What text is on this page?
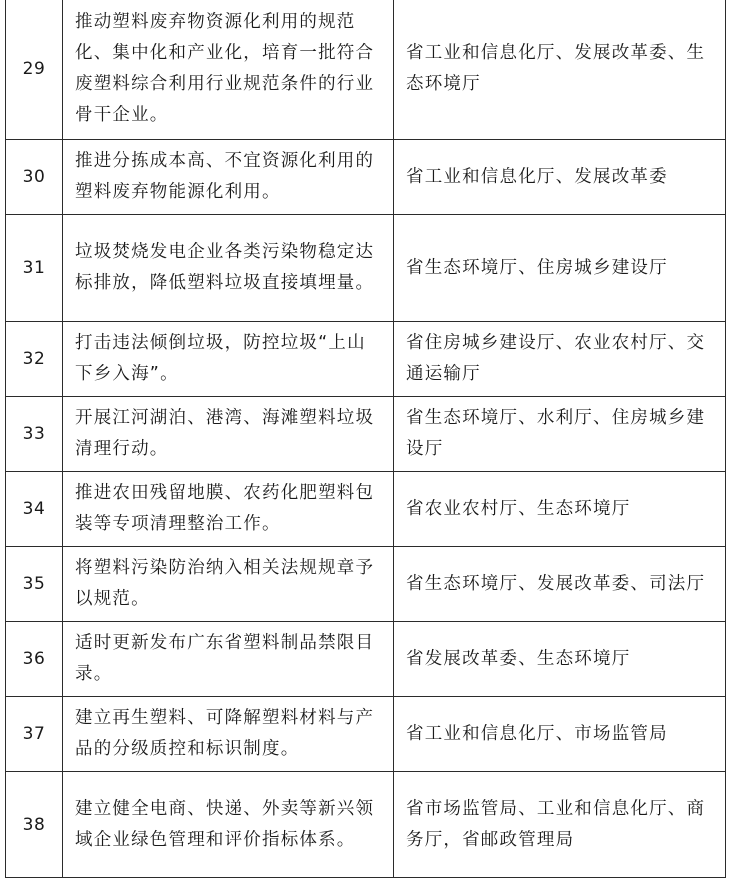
29	推动塑料废弃物资源化利用的规范化、集中化和产业化，培育一批符合废塑料综合利用行业规范条件的行业骨干企业。	省工业和信息化厅、发展改革委、生态环境厅

30	推进分拣成本高、不宜资源化利用的塑料废弃物能源化利用。	省工业和信息化厅、发展改革委

31	垃圾焚烧发电企业各类污染物稳定达标排放，降低塑料垃圾直接填埋量。	省生态环境厅、住房城乡建设厅

32	打击违法倾倒垃圾，防控垃圾“上山下乡入海”。	省住房城乡建设厅、农业农村厅、交通运输厅

33	开展江河湖泊、港湾、海滩塑料垃圾清理行动。	省生态环境厅、水利厅、住房城乡建设厅

34	推进农田残留地膜、农药化肥塑料包装等专项清理整治工作。	省农业农村厅、生态环境厅

35	将塑料污染防治纳入相关法规规章予以规范。	省生态环境厅、发展改革委、司法厅

36	适时更新发布广东省塑料制品禁限目录。	省发展改革委、生态环境厅

37	建立再生塑料、可降解塑料材料与产品的分级质控和标识制度。	省工业和信息化厅、市场监管局

38	建立健全电商、快递、外卖等新兴领域企业绿色管理和评价指标体系。	省市场监管局、工业和信息化厅、商务厅，省邮政管理局
